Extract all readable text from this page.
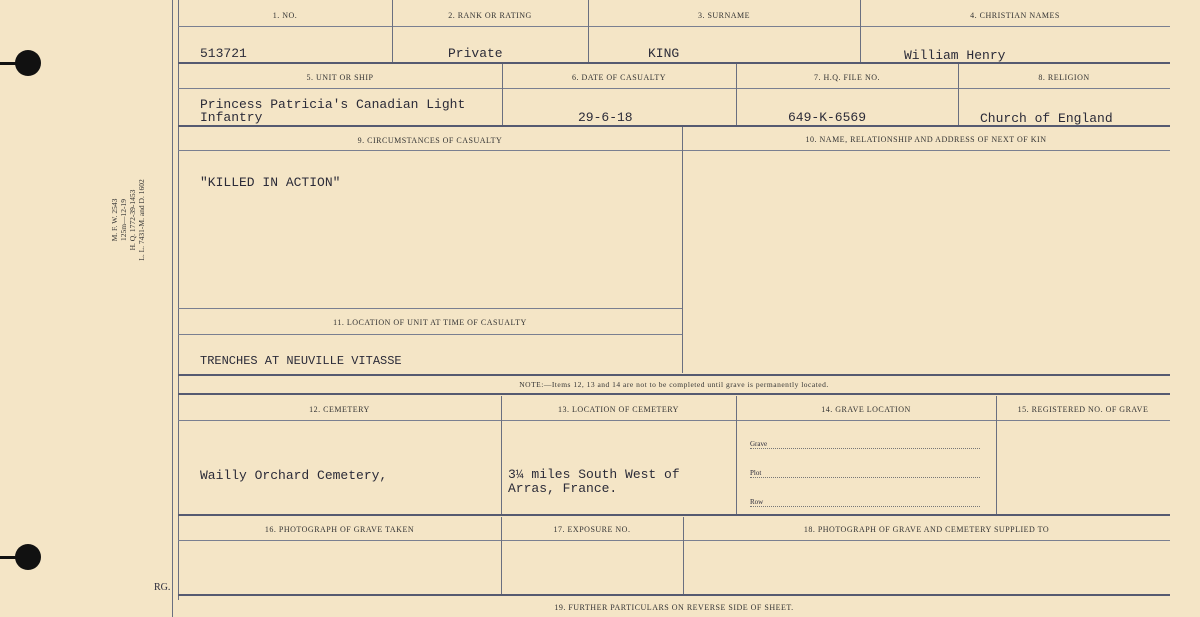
M. F. W. 2543 125m—12-19 H. Q. 1772-39-1453 L. L. 7431-M. and D. 1602
1. NO.	2. RANK OR RATING	3. SURNAME	4. CHRISTIAN NAMES
513721	Private	KING	William Henry
5. UNIT OR SHIP	6. DATE OF CASUALTY	7. H.Q. FILE NO.	8. RELIGION
Princess Patricia's Canadian Light
Infantry	29-6-18	649-K-6569	Church of England
9. CIRCUMSTANCES OF CASUALTY	10. NAME, RELATIONSHIP AND ADDRESS OF NEXT OF KIN
"KILLED IN ACTION"
11. LOCATION OF UNIT AT TIME OF CASUALTY
TRENCHES AT NEUVILLE VITASSE
NOTE:—Items 12, 13 and 14 are not to be completed until grave is permanently located.
12. CEMETERY	13. LOCATION OF CEMETERY	14. GRAVE LOCATION	15. REGISTERED NO. OF GRAVE
Wailly Orchard Cemetery,	3¼ miles South West of
Arras, France.
Grave
Plot
Row
16. PHOTOGRAPH OF GRAVE TAKEN	17. EXPOSURE NO.	18. PHOTOGRAPH OF GRAVE AND CEMETERY SUPPLIED TO
19. FURTHER PARTICULARS ON REVERSE SIDE OF SHEET.
RG.
